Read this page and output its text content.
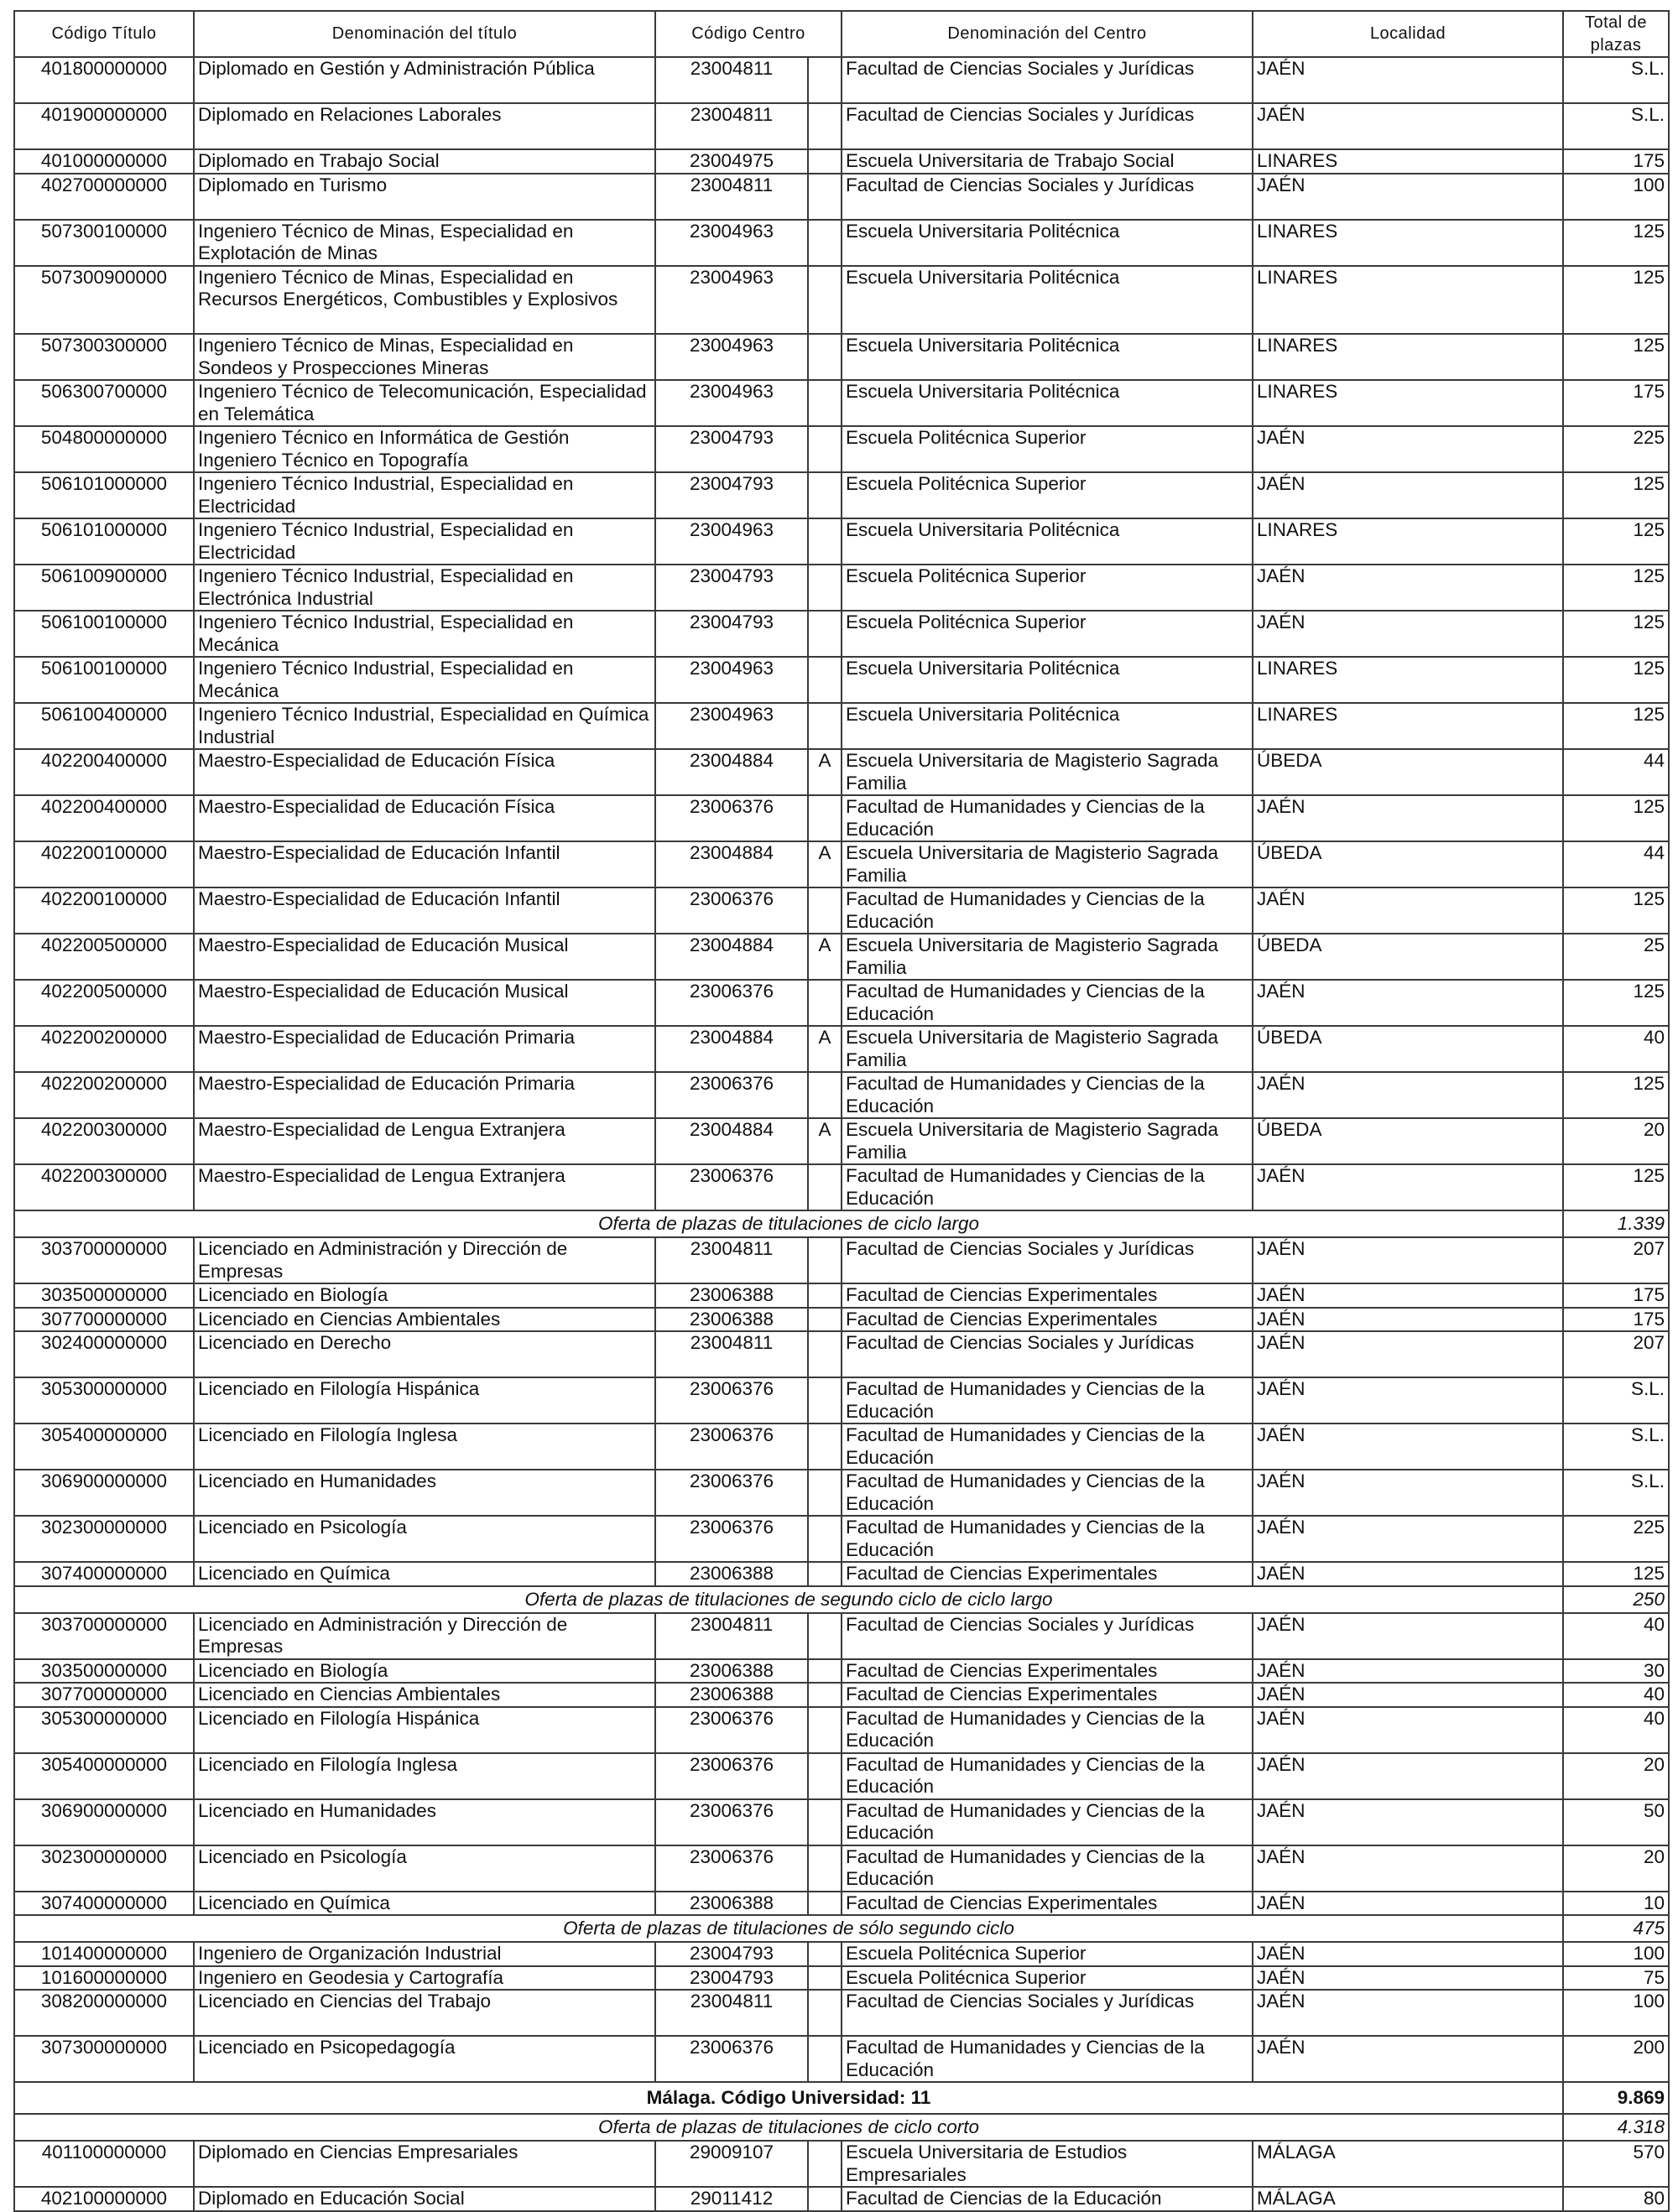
Código Título	Denominación del título	Código Centro		Denominación del Centro	Localidad	Total de plazas
401800000000	Diplomado en Gestión y Administración Pública	23004811		Facultad de Ciencias Sociales y Jurídicas	JAÉN	S.L.
401900000000	Diplomado en Relaciones Laborales	23004811		Facultad de Ciencias Sociales y Jurídicas	JAÉN	S.L.
401000000000	Diplomado en Trabajo Social	23004975		Escuela Universitaria de Trabajo Social	LINARES	175
402700000000	Diplomado en Turismo	23004811		Facultad de Ciencias Sociales y Jurídicas	JAÉN	100
507300100000	Ingeniero Técnico de Minas, Especialidad en Explotación de Minas	23004963		Escuela Universitaria Politécnica	LINARES	125
507300900000	Ingeniero Técnico de Minas, Especialidad en Recursos Energéticos, Combustibles y Explosivos	23004963		Escuela Universitaria Politécnica	LINARES	125
507300300000	Ingeniero Técnico de Minas, Especialidad en Sondeos y Prospecciones Mineras	23004963		Escuela Universitaria Politécnica	LINARES	125
506300700000	Ingeniero Técnico de Telecomunicación, Especialidad en Telemática	23004963		Escuela Universitaria Politécnica	LINARES	175
504800000000	Ingeniero Técnico en Informática de Gestión Ingeniero Técnico en Topografía	23004793		Escuela Politécnica Superior	JAÉN	225
506101000000	Ingeniero Técnico Industrial, Especialidad en Electricidad	23004793		Escuela Politécnica Superior	JAÉN	125
506101000000	Ingeniero Técnico Industrial, Especialidad en Electricidad	23004963		Escuela Universitaria Politécnica	LINARES	125
506100900000	Ingeniero Técnico Industrial, Especialidad en Electrónica Industrial	23004793		Escuela Politécnica Superior	JAÉN	125
506100100000	Ingeniero Técnico Industrial, Especialidad en Mecánica	23004793		Escuela Politécnica Superior	JAÉN	125
506100100000	Ingeniero Técnico Industrial, Especialidad en Mecánica	23004963		Escuela Universitaria Politécnica	LINARES	125
506100400000	Ingeniero Técnico Industrial, Especialidad en Química Industrial	23004963		Escuela Universitaria Politécnica	LINARES	125
402200400000	Maestro-Especialidad de Educación Física	23004884	A	Escuela Universitaria de Magisterio Sagrada Familia	ÚBEDA	44
402200400000	Maestro-Especialidad de Educación Física	23006376		Facultad de Humanidades y Ciencias de la Educación	JAÉN	125
402200100000	Maestro-Especialidad de Educación Infantil	23004884	A	Escuela Universitaria de Magisterio Sagrada Familia	ÚBEDA	44
402200100000	Maestro-Especialidad de Educación Infantil	23006376		Facultad de Humanidades y Ciencias de la Educación	JAÉN	125
402200500000	Maestro-Especialidad de Educación Musical	23004884	A	Escuela Universitaria de Magisterio Sagrada Familia	ÚBEDA	25
402200500000	Maestro-Especialidad de Educación Musical	23006376		Facultad de Humanidades y Ciencias de la Educación	JAÉN	125
402200200000	Maestro-Especialidad de Educación Primaria	23004884	A	Escuela Universitaria de Magisterio Sagrada Familia	ÚBEDA	40
402200200000	Maestro-Especialidad de Educación Primaria	23006376		Facultad de Humanidades y Ciencias de la Educación	JAÉN	125
402200300000	Maestro-Especialidad de Lengua Extranjera	23004884	A	Escuela Universitaria de Magisterio Sagrada Familia	ÚBEDA	20
402200300000	Maestro-Especialidad de Lengua Extranjera	23006376		Facultad de Humanidades y Ciencias de la Educación	JAÉN	125
Oferta de plazas de titulaciones de ciclo largo						1.339
303700000000	Licenciado en Administración y Dirección de Empresas	23004811		Facultad de Ciencias Sociales y Jurídicas	JAÉN	207
303500000000	Licenciado en Biología	23006388		Facultad de Ciencias Experimentales	JAÉN	175
307700000000	Licenciado en Ciencias Ambientales	23006388		Facultad de Ciencias Experimentales	JAÉN	175
302400000000	Licenciado en Derecho	23004811		Facultad de Ciencias Sociales y Jurídicas	JAÉN	207
305300000000	Licenciado en Filología Hispánica	23006376		Facultad de Humanidades y Ciencias de la Educación	JAÉN	S.L.
305400000000	Licenciado en Filología Inglesa	23006376		Facultad de Humanidades y Ciencias de la Educación	JAÉN	S.L.
306900000000	Licenciado en Humanidades	23006376		Facultad de Humanidades y Ciencias de la Educación	JAÉN	S.L.
302300000000	Licenciado en Psicología	23006376		Facultad de Humanidades y Ciencias de la Educación	JAÉN	225
307400000000	Licenciado en Química	23006388		Facultad de Ciencias Experimentales	JAÉN	125
Oferta de plazas de titulaciones de segundo ciclo de ciclo largo						250
303700000000	Licenciado en Administración y Dirección de Empresas	23004811		Facultad de Ciencias Sociales y Jurídicas	JAÉN	40
303500000000	Licenciado en Biología	23006388		Facultad de Ciencias Experimentales	JAÉN	30
307700000000	Licenciado en Ciencias Ambientales	23006388		Facultad de Ciencias Experimentales	JAÉN	40
305300000000	Licenciado en Filología Hispánica	23006376		Facultad de Humanidades y Ciencias de la Educación	JAÉN	40
305400000000	Licenciado en Filología Inglesa	23006376		Facultad de Humanidades y Ciencias de la Educación	JAÉN	20
306900000000	Licenciado en Humanidades	23006376		Facultad de Humanidades y Ciencias de la Educación	JAÉN	50
302300000000	Licenciado en Psicología	23006376		Facultad de Humanidades y Ciencias de la Educación	JAÉN	20
307400000000	Licenciado en Química	23006388		Facultad de Ciencias Experimentales	JAÉN	10
Oferta de plazas de titulaciones de sólo segundo ciclo						475
101400000000	Ingeniero de Organización Industrial	23004793		Escuela Politécnica Superior	JAÉN	100
101600000000	Ingeniero en Geodesia y Cartografía	23004793		Escuela Politécnica Superior	JAÉN	75
308200000000	Licenciado en Ciencias del Trabajo	23004811		Facultad de Ciencias Sociales y Jurídicas	JAÉN	100
307300000000	Licenciado en Psicopedagogía	23006376		Facultad de Humanidades y Ciencias de la Educación	JAÉN	200
Málaga. Código Universidad: 11						9.869
Oferta de plazas de titulaciones de ciclo corto						4.318
401100000000	Diplomado en Ciencias Empresariales	29009107		Escuela Universitaria de Estudios Empresariales	MÁLAGA	570
402100000000	Diplomado en Educación Social	29011412		Facultad de Ciencias de la Educación	MÁLAGA	80
